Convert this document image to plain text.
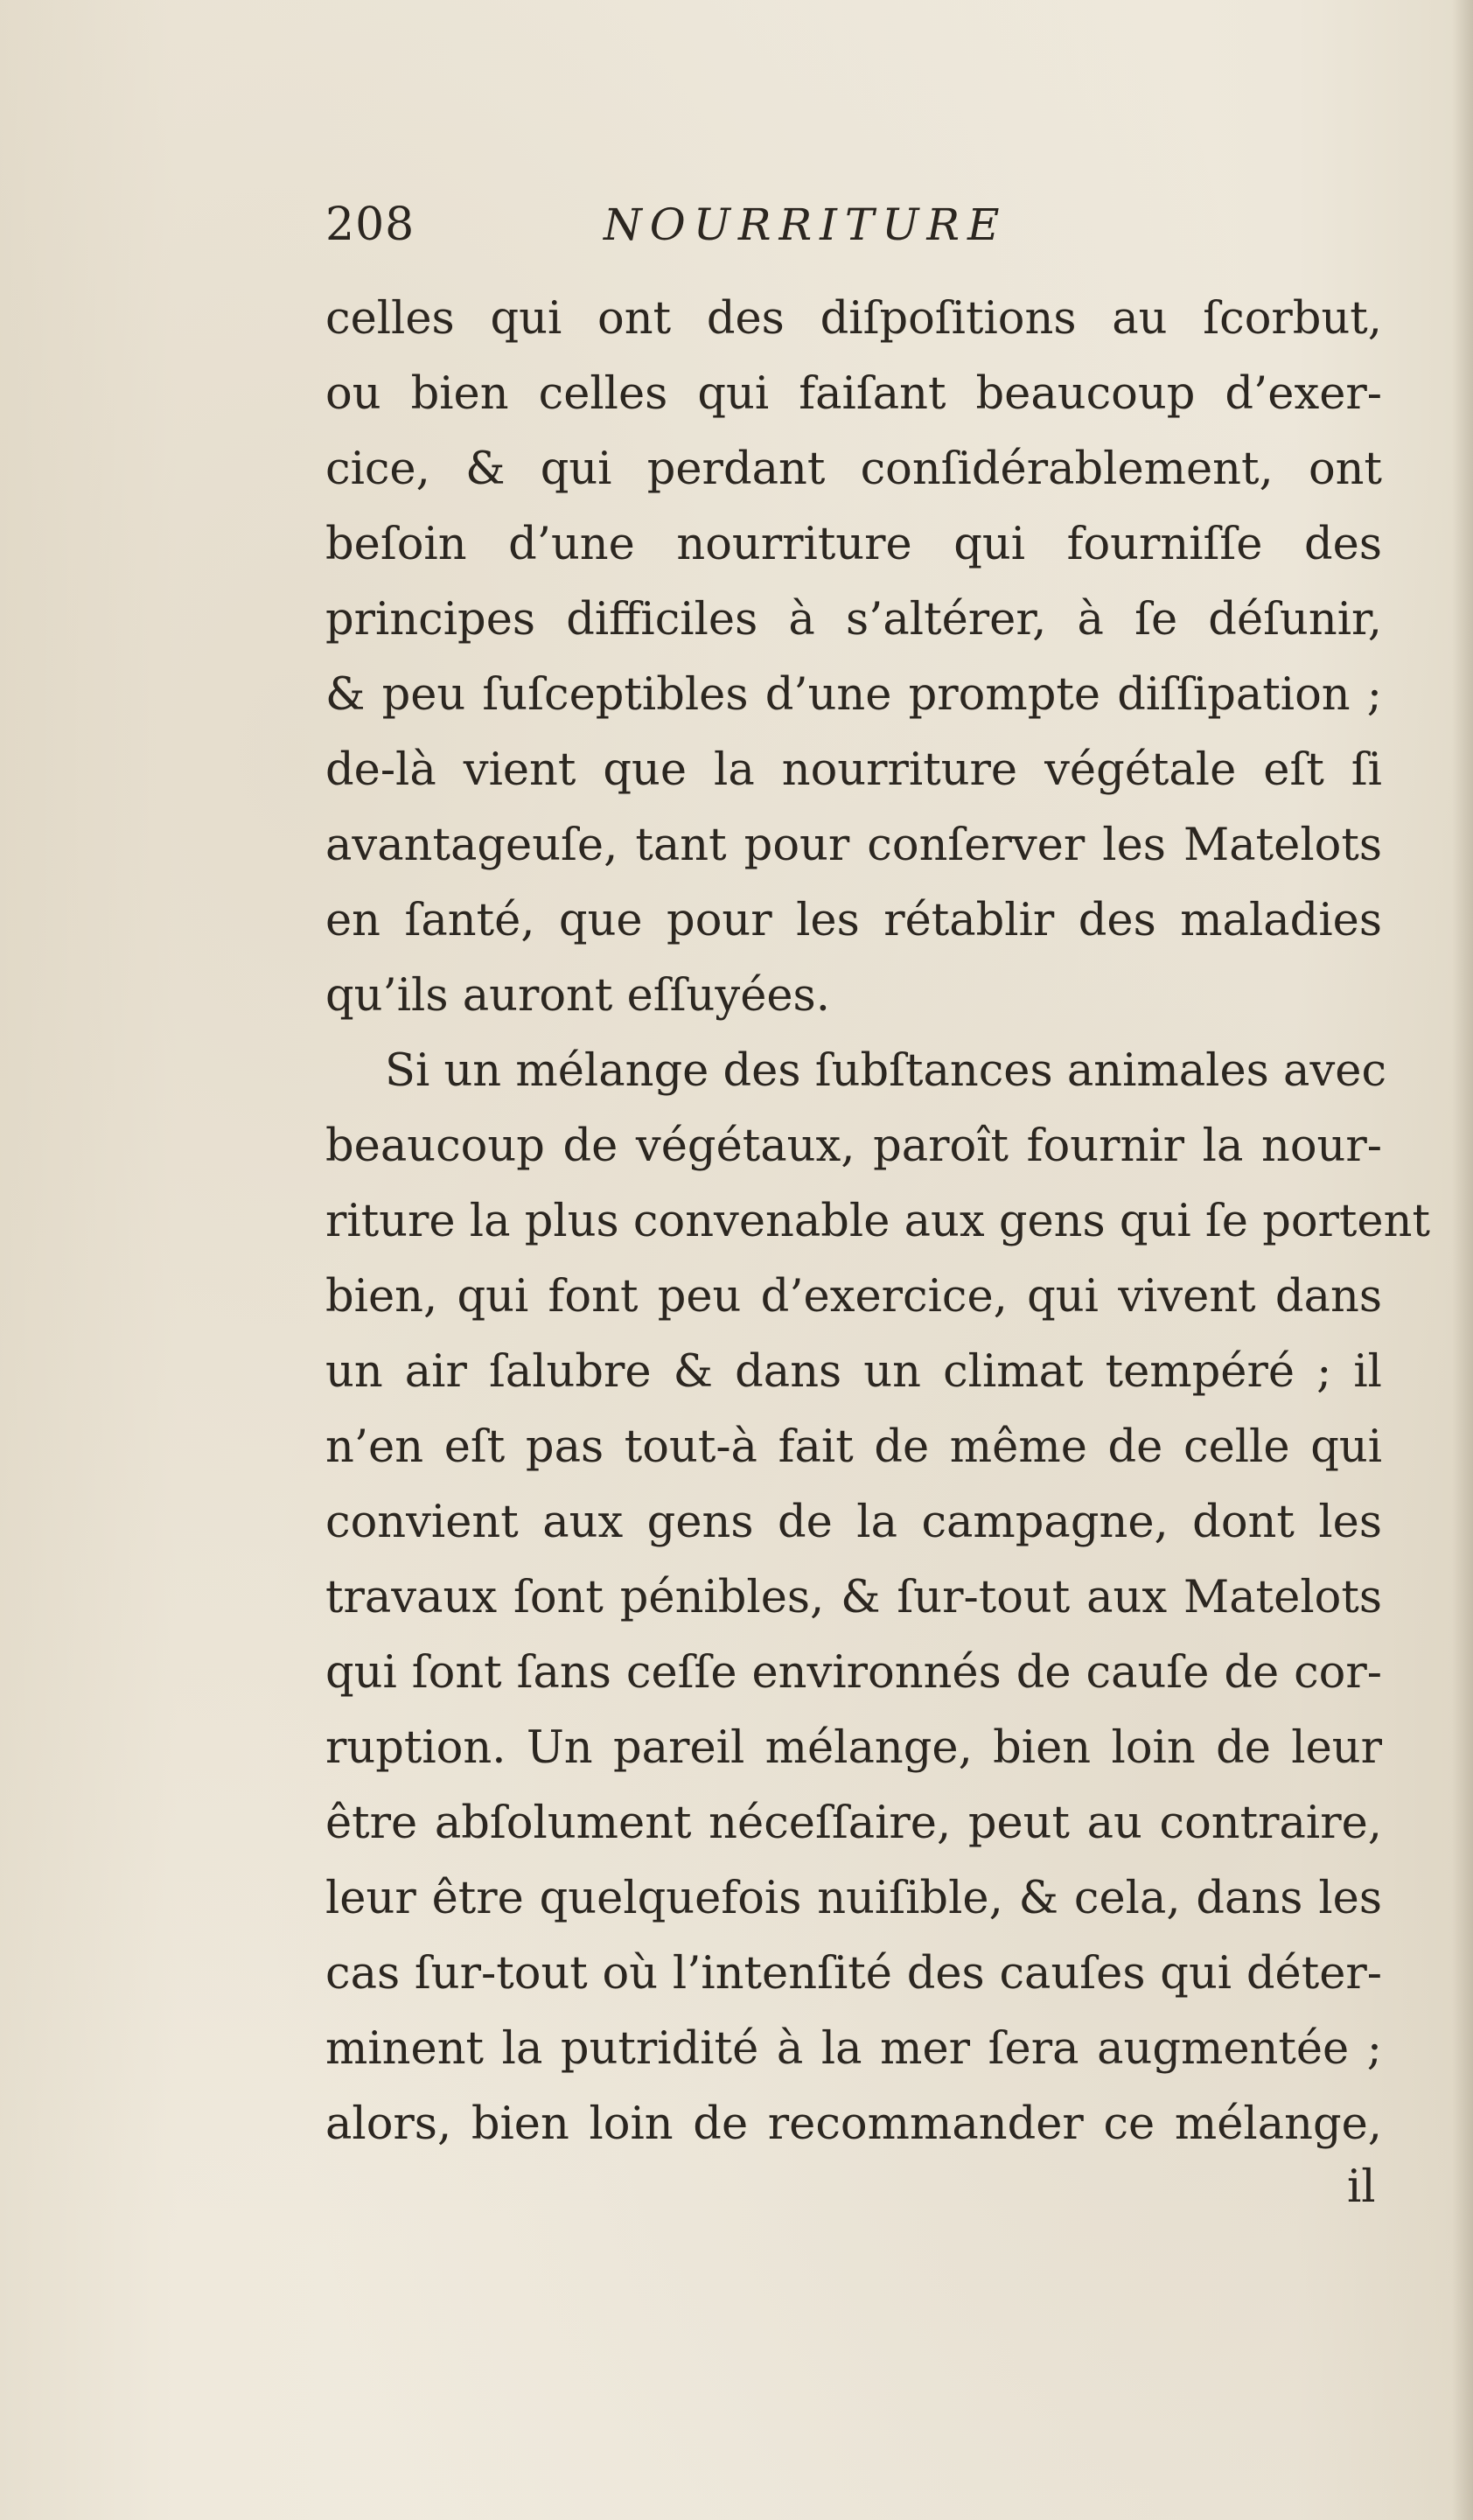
208	NOURRITURE
celles qui ont des diſpoſitions au ſcorbut,
ou bien celles qui faiſant beaucoup d’exer-
cice, & qui perdant conſidérablement, ont
beſoin d’une nourriture qui fourniſſe des
principes difficiles à s’altérer, à ſe déſunir,
& peu ſuſceptibles d’une prompte diſſipation ;
de-là vient que la nourriture végétale eſt ſi
avantageuſe, tant pour conſerver les Matelots
en ſanté, que pour les rétablir des maladies
qu’ils auront eſſuyées.
Si un mélange des ſubſtances animales avec
beaucoup de végétaux, paroît fournir la nour-
riture la plus convenable aux gens qui ſe portent
bien, qui font peu d’exercice, qui vivent dans
un air ſalubre & dans un climat tempéré ; il
n’en eſt pas tout-à fait de même de celle qui
convient aux gens de la campagne, dont les
travaux ſont pénibles, & ſur-tout aux Matelots
qui ſont ſans ceſſe environnés de cauſe de cor-
ruption. Un pareil mélange, bien loin de leur
être abſolument néceſſaire, peut au contraire,
leur être quelquefois nuiſible, & cela, dans les
cas ſur-tout où l’intenſité des cauſes qui déter-
minent la putridité à la mer ſera augmentée ;
alors, bien loin de recommander ce mélange,
il
